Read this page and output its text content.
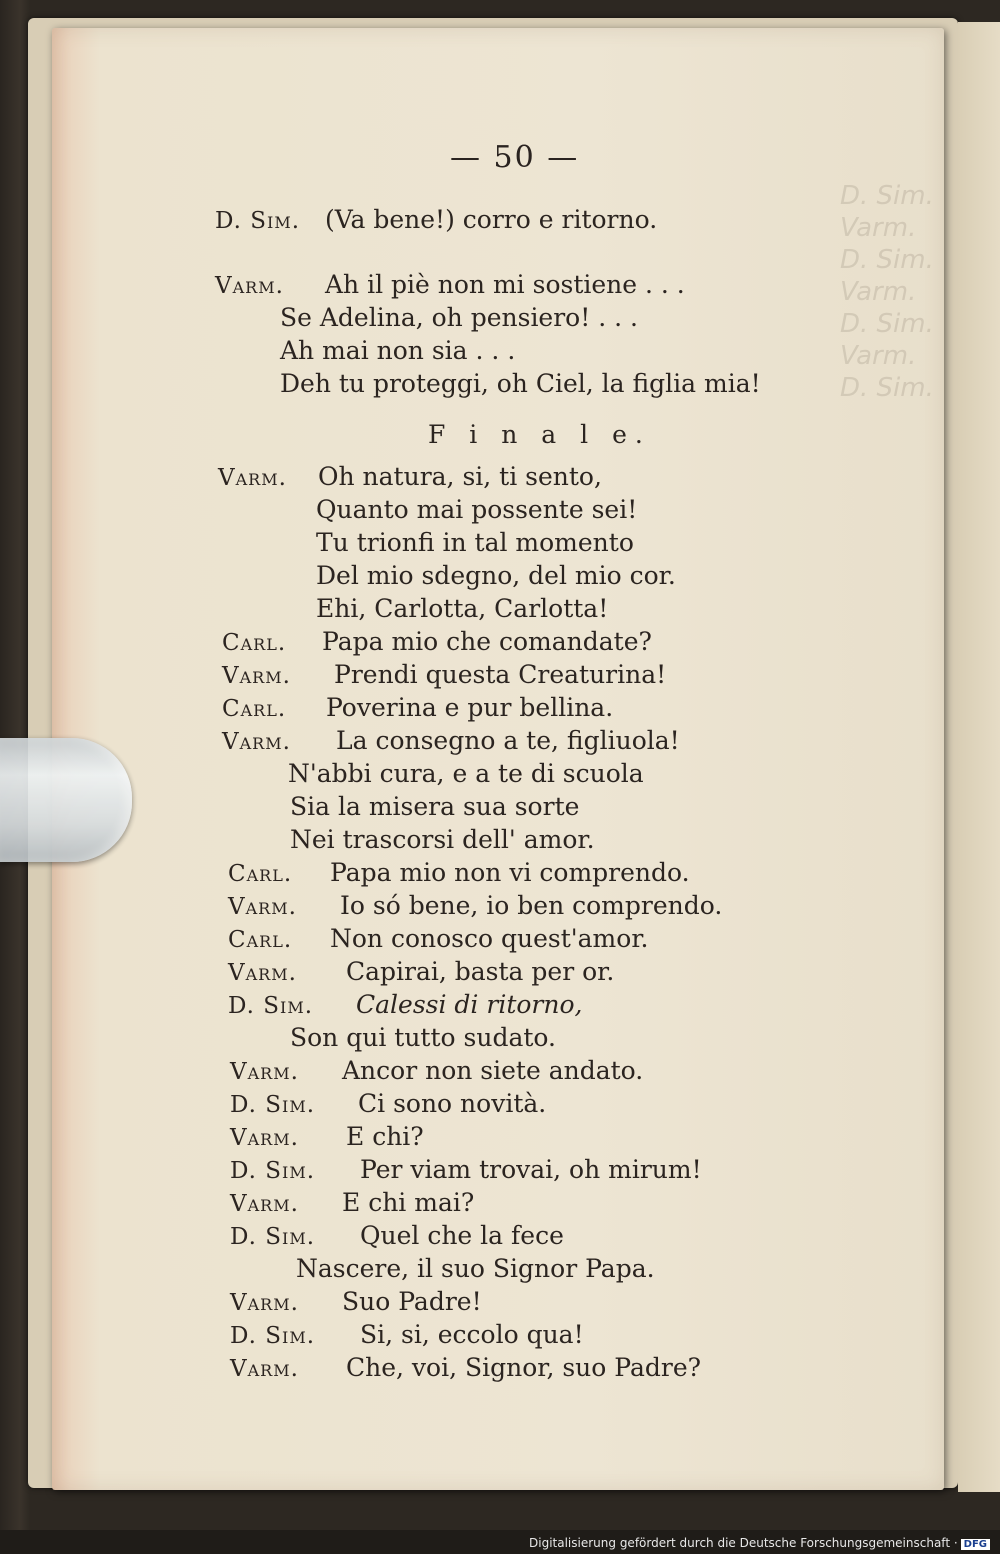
D. Sim.
Varm.
D. Sim.
Varm.
D. Sim.
Varm.
D. Sim.
— 50 —
D. Sim. (Va bene!) corro e ritorno.
Varm. Ah il piè non mi sostiene . . .
Se Adelina, oh pensiero! . . .
Ah mai non sia . . .
Deh tu proteggi, oh Ciel, la figlia mia!
F i n a l e.
Varm. Oh natura, si, ti sento,
Quanto mai possente sei!
Tu trionfi in tal momento
Del mio sdegno, del mio cor.
Ehi, Carlotta, Carlotta!
Carl. Papa mio che comandate?
Varm. Prendi questa Creaturina!
Carl. Poverina e pur bellina.
Varm. La consegno a te, figliuola!
N'abbi cura, e a te di scuola
Sia la misera sua sorte
Nei trascorsi dell' amor.
Carl. Papa mio non vi comprendo.
Varm. Io só bene, io ben comprendo.
Carl. Non conosco quest'amor.
Varm. Capirai, basta per or.
D. Sim. Calessi di ritorno,
Son qui tutto sudato.
Varm. Ancor non siete andato.
D. Sim. Ci sono novità.
Varm. E chi?
D. Sim. Per viam trovai, oh mirum!
Varm. E chi mai?
D. Sim. Quel che la fece
Nascere, il suo Signor Papa.
Varm. Suo Padre!
D. Sim. Si, si, eccolo qua!
Varm. Che, voi, Signor, suo Padre?
Digitalisierung gefördert durch die Deutsche Forschungsgemeinschaft · DFG
